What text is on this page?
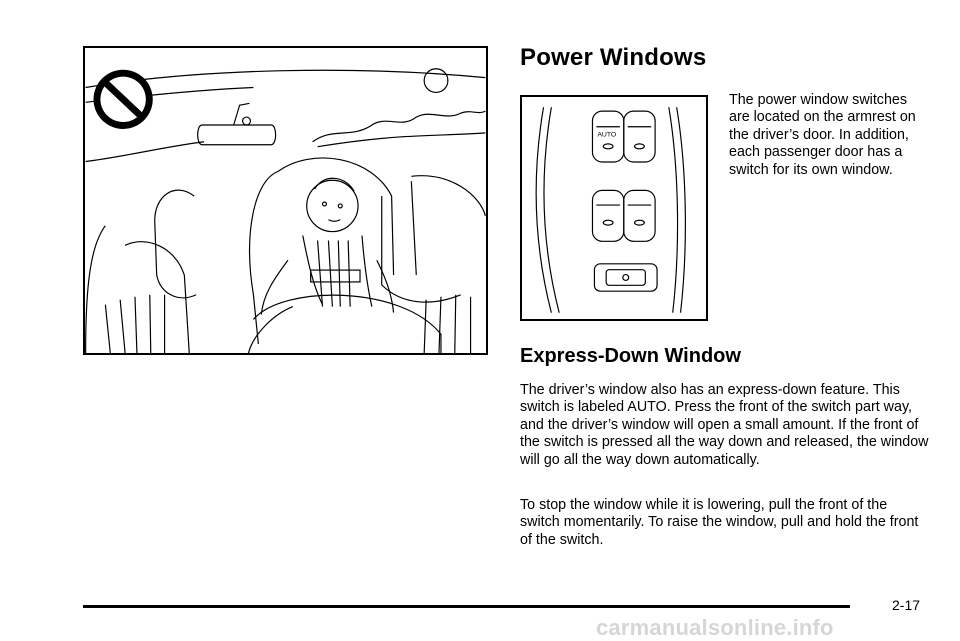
Power Windows
AUTO

The power window switches are located on the armrest on the driver’s door. In addition, each passenger door has a switch for its own window.

Express-Down Window

The driver’s window also has an express-down feature. This switch is labeled AUTO. Press the front of the switch part way, and the driver’s window will open a small amount. If the front of the switch is pressed all the way down and released, the window will go all the way down automatically.

To stop the window while it is lowering, pull the front of the switch momentarily. To raise the window, pull and hold the front of the switch.

2-17
carmanualsonline.info
